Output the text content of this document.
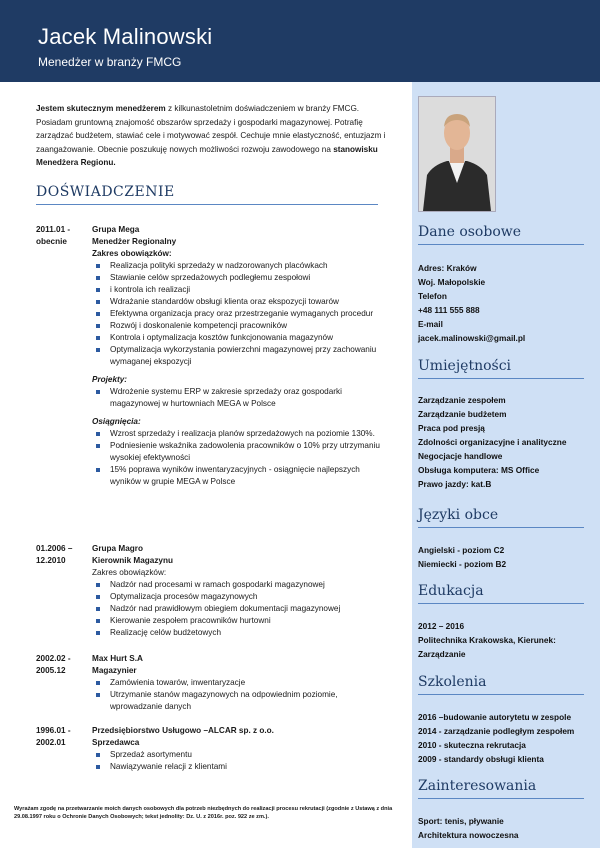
Jacek Malinowski
Menedżer w branży FMCG
Jestem skutecznym menedżerem z kilkunastoletnim doświadczeniem w branży FMCG. Posiadam gruntowną znajomość obszarów sprzedaży i gospodarki magazynowej. Potrafię zarządzać budżetem, stawiać cele i motywować zespół. Cechuje mnie elastyczność, entuzjazm i zaangażowanie. Obecnie poszukuję nowych możliwości rozwoju zawodowego na stanowisku Menedżera Regionu.
DOŚWIADCZENIE
2011.01 -
obecnie
Grupa Mega
Menedżer Regionalny
Zakres obowiązków:
Realizacja polityki sprzedaży w nadzorowanych placówkach
Stawianie celów sprzedażowych podległemu zespołowi
i kontrola ich realizacji
Wdrażanie standardów obsługi klienta oraz ekspozycji towarów
Efektywna organizacja pracy oraz przestrzeganie wymaganych procedur
Rozwój i doskonalenie kompetencji pracowników
Kontrola i optymalizacja kosztów funkcjonowania magazynów
Optymalizacja wykorzystania powierzchni magazynowej przy zachowaniu wymaganej ekspozycji
Projekty:
Wdrożenie systemu ERP w zakresie sprzedaży oraz gospodarki magazynowej w hurtowniach MEGA w Polsce
Osiągnięcia:
Wzrost sprzedaży i realizacja planów sprzedażowych na poziomie 130%.
Podniesienie wskaźnika zadowolenia pracowników o 10% przy utrzymaniu wysokiej efektywności
15% poprawa wyników inwentaryzacyjnych - osiągnięcie najlepszych wyników w grupie MEGA w Polsce
01.2006 –
12.2010
Grupa Magro
Kierownik Magazynu
Zakres obowiązków:
Nadzór nad procesami w ramach gospodarki magazynowej
Optymalizacja procesów magazynowych
Nadzór nad prawidłowym obiegiem dokumentacji magazynowej
Kierowanie zespołem pracowników hurtowni
Realizację celów budżetowych
2002.02 -
2005.12
Max Hurt S.A
Magazynier
Zamówienia towarów, inwentaryzacje
Utrzymanie stanów magazynowych na odpowiednim poziomie, wprowadzanie danych
1996.01 -
2002.01
Przedsiębiorstwo Usługowo –ALCAR sp. z o.o.
Sprzedawca
Sprzedaż asortymentu
Nawiązywanie relacji z klientami
Wyrażam zgodę na przetwarzanie moich danych osobowych dla potrzeb niezbędnych do realizacji procesu rekrutacji (zgodnie z Ustawą z dnia 29.08.1997 roku o Ochronie Danych Osobowych; tekst jednolity: Dz. U. z 2016r. poz. 922 ze zm.).
Dane osobowe
Adres: Kraków
Woj. Małopolskie
Telefon
+48 111 555 888
E-mail
jacek.malinowski@gmail.pl
Umiejętności
Zarządzanie zespołem
Zarządzanie budżetem
Praca pod presją
Zdolności organizacyjne i analityczne
Negocjacje handlowe
Obsługa komputera: MS Office
Prawo jazdy: kat.B
Języki obce
Angielski - poziom C2
Niemiecki - poziom B2
Edukacja
2012 – 2016
Politechnika Krakowska, Kierunek:
Zarządzanie
Szkolenia
2016 –budowanie autorytetu w zespole
2014 - zarządzanie podległym zespołem
2010 - skuteczna rekrutacja
2009 - standardy obsługi klienta
Zainteresowania
Sport: tenis, pływanie
Architektura nowoczesna
